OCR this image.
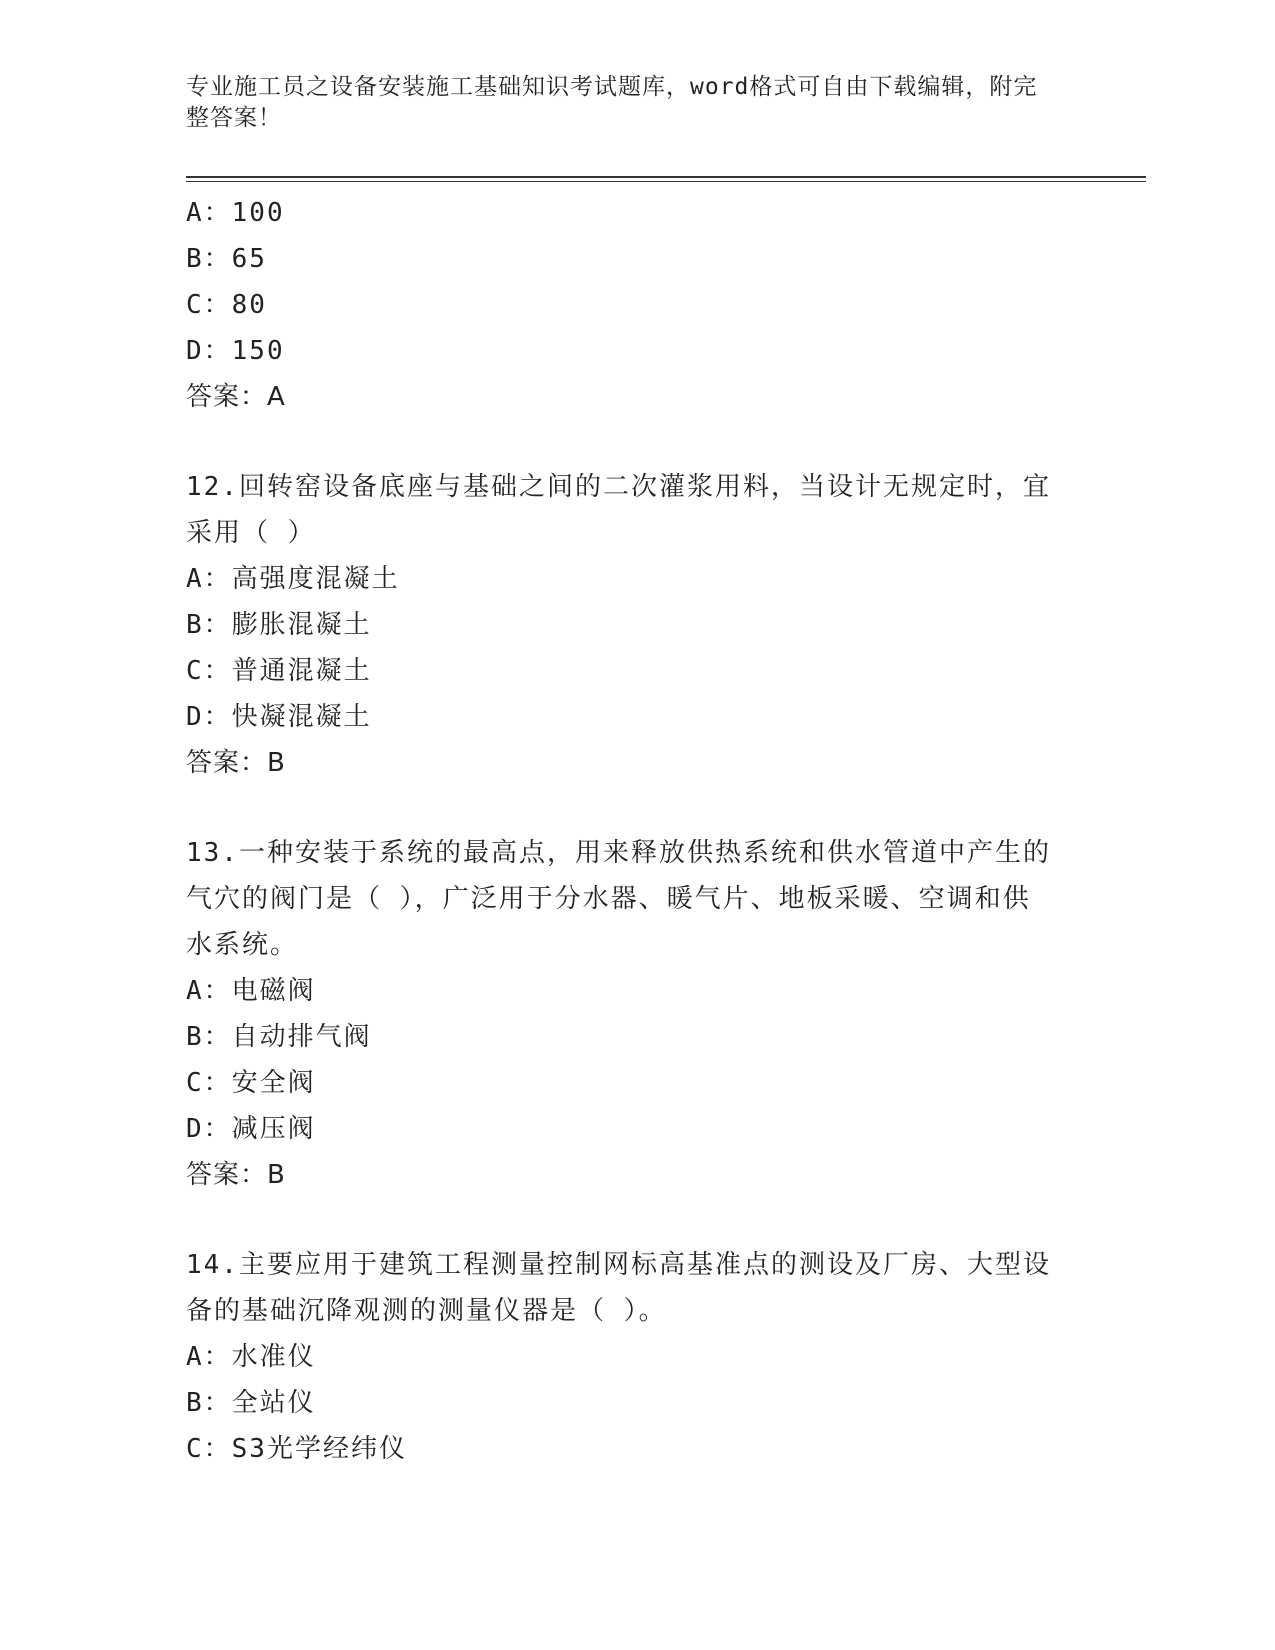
专业施工员之设备安装施工基础知识考试题库，word格式可自由下载编辑，附完
整答案！
A：100
B：65
C：80
D：150
答案：A
12.回转窑设备底座与基础之间的二次灌浆用料，当设计无规定时，宜
采用（ ）
A：高强度混凝土
B：膨胀混凝土
C：普通混凝土
D：快凝混凝土
答案：B
13.一种安装于系统的最高点，用来释放供热系统和供水管道中产生的
气穴的阀门是（ ），广泛用于分水器、暖气片、地板采暖、空调和供
水系统。
A：电磁阀
B：自动排气阀
C：安全阀
D：减压阀
答案：B
14.主要应用于建筑工程测量控制网标高基准点的测设及厂房、大型设
备的基础沉降观测的测量仪器是（ ）。
A：水准仪
B：全站仪
C：S3光学经纬仪
